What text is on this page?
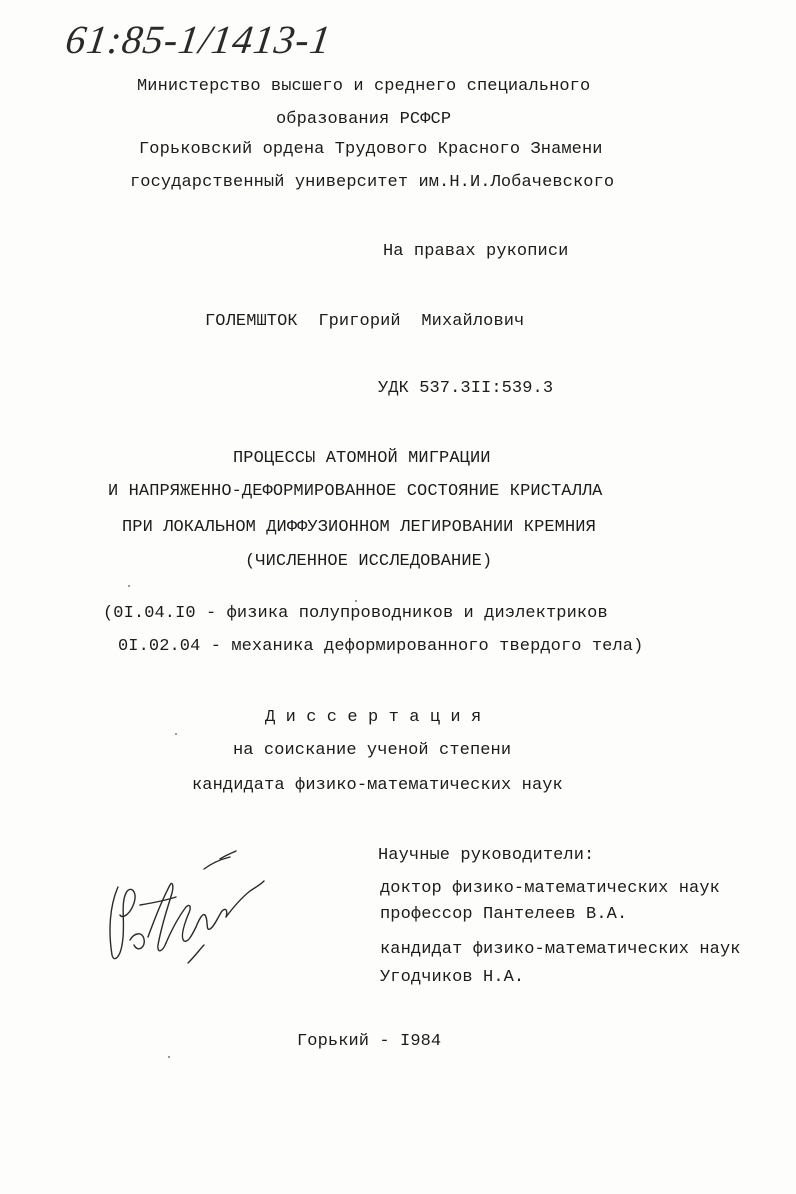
61:85-1/1413-1
Министерство высшего и среднего специального
образования РСФСР
Горьковский ордена Трудового Красного Знамени
государственный университет им.Н.И.Лобачевского
На правах рукописи
ГОЛЕМШТОК  Григорий  Михайлович
УДК 537.3II:539.3
ПРОЦЕССЫ АТОМНОЙ МИГРАЦИИ
И НАПРЯЖЕННО-ДЕФОРМИРОВАННОЕ СОСТОЯНИЕ КРИСТАЛЛА
ПРИ ЛОКАЛЬНОМ ДИФФУЗИОННОМ ЛЕГИРОВАНИИ КРЕМНИЯ
(ЧИСЛЕННОЕ ИССЛЕДОВАНИЕ)
(0I.04.I0 - физика полупроводников и диэлектриков
0I.02.04 - механика деформированного твердого тела)
Д и с с е р т а ц и я
на соискание ученой степени
кандидата физико-математических наук
Научные руководители:
доктор физико-математических наук
профессор Пантелеев В.А.
кандидат физико-математических наук
Угодчиков Н.А.
Горький - I984
